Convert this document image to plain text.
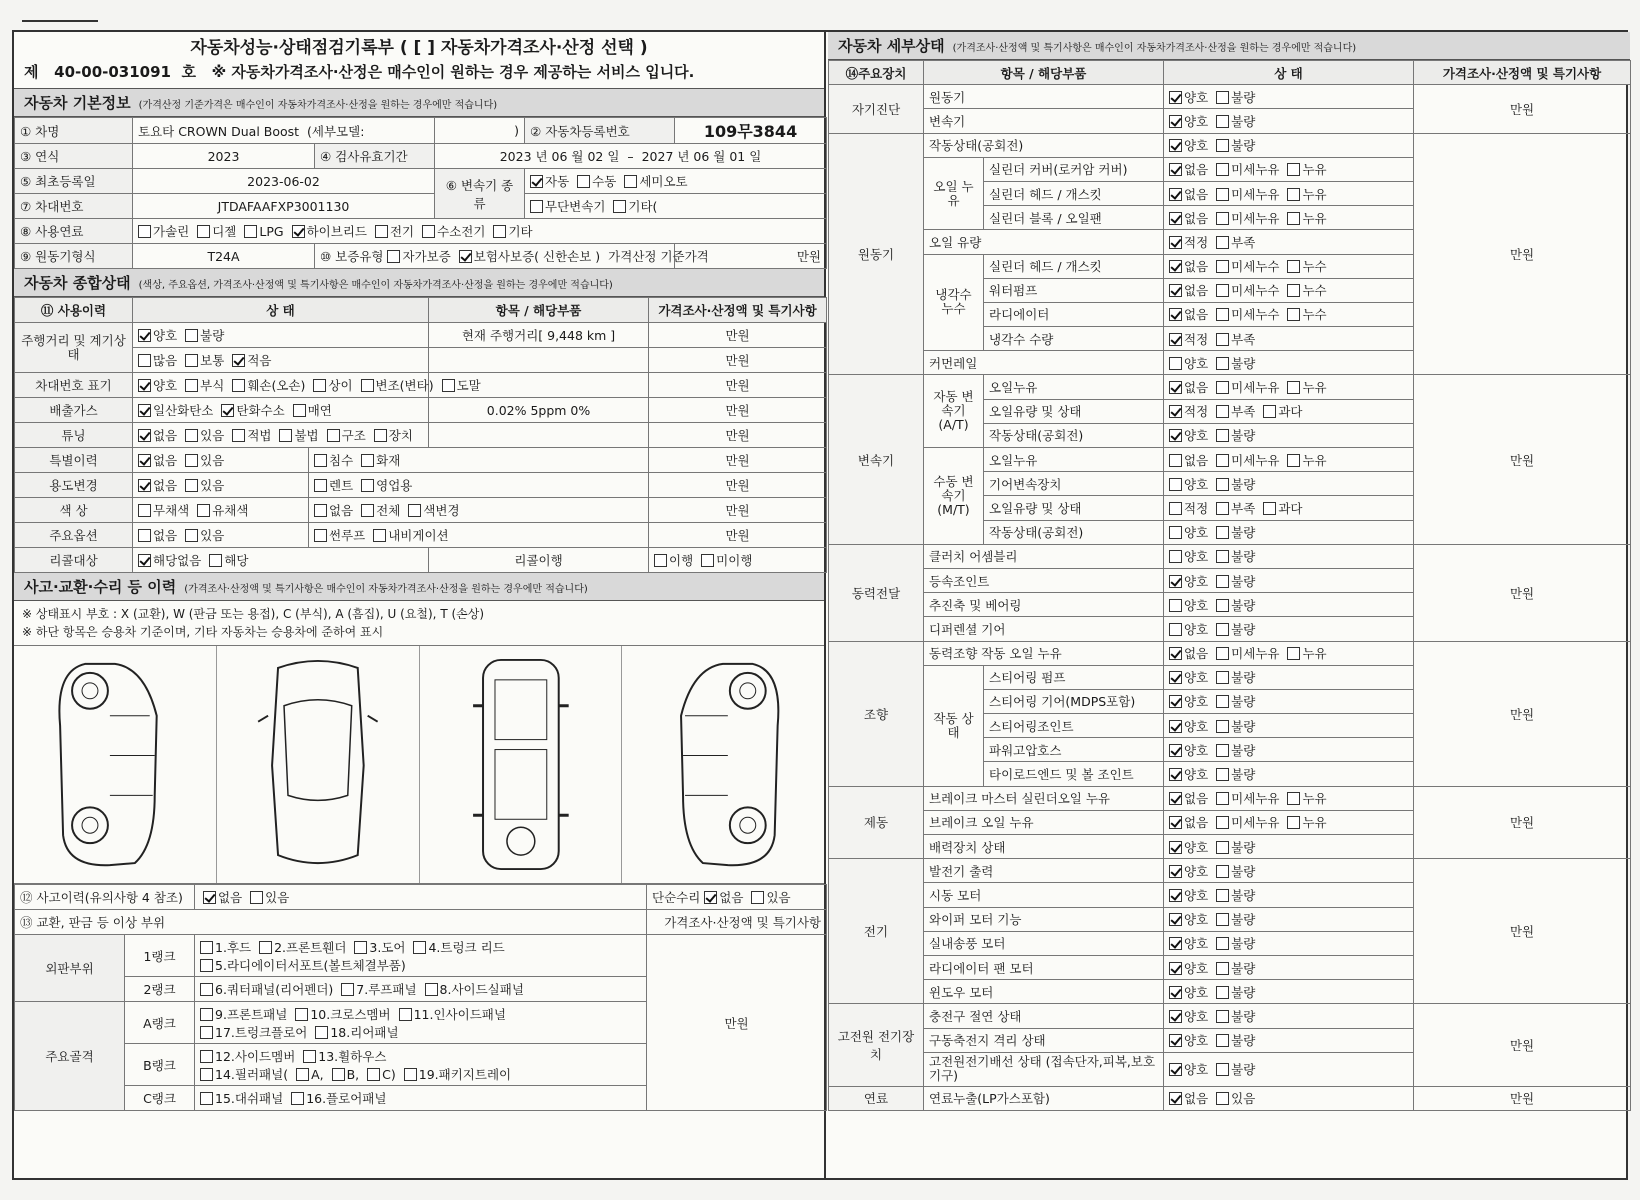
자동차성능·상태점검기록부 ( [ ] 자동차가격조사·산정 선택 )
제 40-00-031091 호 ※ 자동차가격조사·산정은 매수인이 원하는 경우 제공하는 서비스 입니다.
자동차 기본정보 (가격산정 기준가격은 매수인이 자동차가격조사·산정을 원하는 경우에만 적습니다)
① 차명	토요타 CROWN Dual Boost (세부모델:		)	② 자동차등록번호	109무3844
③ 연식	2023	④ 검사유효기간	2023 년 06 월 02 일  –  2027 년 06 월 01 일		
⑤ 최초등록일	2023-06-02		⑥ 변속기 종류	자동 수동 세미오토	
⑦ 차대번호	JTDAFAAFXP3001130			무단변속기 기타(	
⑧ 사용연료	가솔린 디젤 LPG 하이브리드 전기 수소전기 기타				
⑨ 원동기형식	T24A	⑩ 보증유형 자가보증 보험사보증( 신한손보 ) 가격산정 기준가격			만원
자동차 종합상태 (색상, 주요옵션, 가격조사·산정액 및 특기사항은 매수인이 자동차가격조사·산정을 원하는 경우에만 적습니다)
⑪ 사용이력	상 태		항목 / 해당부품	가격조사·산정액 및 특기사항
주행거리 및 계기상태	양호 불량		현재 주행거리[ 9,448 km ]	만원
	많음 보통 적음			만원
차대번호 표기	양호 부식 훼손(오손) 상이 변조(변타) 도말			만원
배출가스	일산화탄소 탄화수소 매연		0.02% 5ppm 0%	만원
튜닝	없음 있음 적법 불법 구조 장치			만원
특별이력	없음 있음	침수 화재		만원
용도변경	없음 있음	렌트 영업용		만원
색 상	무채색 유채색	없음 전체 색변경		만원
주요옵션	없음 있음	썬루프 내비게이션		만원
리콜대상	해당없음 해당		리콜이행	이행 미이행
사고·교환·수리 등 이력 (가격조사·산정액 및 특기사항은 매수인이 자동차가격조사·산정을 원하는 경우에만 적습니다)
※ 상태표시 부호 : X (교환), W (판금 또는 용접), C (부식), A (흠집), U (요철), T (손상)
※ 하단 항목은 승용차 기준이며, 기타 자동차는 승용차에 준하여 표시
⑫ 사고이력(유의사항 4 참조)		없음 있음	단순수리 없음 있음
⑬ 교환, 판금 등 이상 부위			가격조사·산정액 및 특기사항
외판부위	1랭크	1.후드 2.프론트휀더 3.도어 4.트렁크 리드
5.라디에이터서포트(볼트체결부품)	만원
	2랭크	6.쿼터패널(리어펜더) 7.루프패널 8.사이드실패널	

주요골격	A랭크	9.프론트패널 10.크로스멤버 11.인사이드패널
17.트렁크플로어 18.리어패널	

	B랭크	12.사이드멤버 13.휠하우스
14.필러패널( A, B, C) 19.패키지트레이	

	C랭크	15.대쉬패널 16.플로어패널	
자동차 세부상태 (가격조사·산정액 및 특기사항은 매수인이 자동차가격조사·산정을 원하는 경우에만 적습니다)
⑭주요장치	항목 / 해당부품		상 태	가격조사·산정액 및 특기사항
자기진단	원동기		양호 불량	만원
	변속기		양호 불량	
원동기	작동상태(공회전)		양호 불량	만원
	오일 누유	실린더 커버(로커암 커버)	없음 미세누유 누유	
		실린더 헤드 / 개스킷	없음 미세누유 누유	
		실린더 블록 / 오일팬	없음 미세누유 누유	
	오일 유량		적정 부족	
	냉각수 누수	실린더 헤드 / 개스킷	없음 미세누수 누수	
		워터펌프	없음 미세누수 누수	
		라디에이터	없음 미세누수 누수	
		냉각수 수량	적정 부족	
	커먼레일		양호 불량	
변속기	자동 변속기 (A/T)	오일누유	없음 미세누유 누유	만원
		오일유량 및 상태	적정 부족 과다	
		작동상태(공회전)	양호 불량	
	수동 변속기 (M/T)	오일누유	없음 미세누유 누유	
		기어변속장치	양호 불량	
		오일유량 및 상태	적정 부족 과다	
		작동상태(공회전)	양호 불량	
동력전달	클러치 어셈블리		양호 불량	만원
	등속조인트		양호 불량	
	추진축 및 베어링		양호 불량	
	디퍼렌셜 기어		양호 불량	
조향	동력조향 작동 오일 누유		없음 미세누유 누유	만원
	작동 상태	스티어링 펌프	양호 불량	
		스티어링 기어(MDPS포함)	양호 불량	
		스티어링조인트	양호 불량	
		파워고압호스	양호 불량	
		타이로드엔드 및 볼 조인트	양호 불량	
제동	브레이크 마스터 실린더오일 누유		없음 미세누유 누유	만원
	브레이크 오일 누유		없음 미세누유 누유	
	배력장치 상태		양호 불량	
전기	발전기 출력		양호 불량	만원
	시동 모터		양호 불량	
	와이퍼 모터 기능		양호 불량	
	실내송풍 모터		양호 불량	
	라디에이터 팬 모터		양호 불량	
	윈도우 모터		양호 불량	
고전원 전기장치	충전구 절연 상태		양호 불량	만원
	구동축전지 격리 상태		양호 불량	
	고전원전기배선 상태 (접속단자,피복,보호기구)		양호 불량	
연료	연료누출(LP가스포함)		없음 있음	만원
